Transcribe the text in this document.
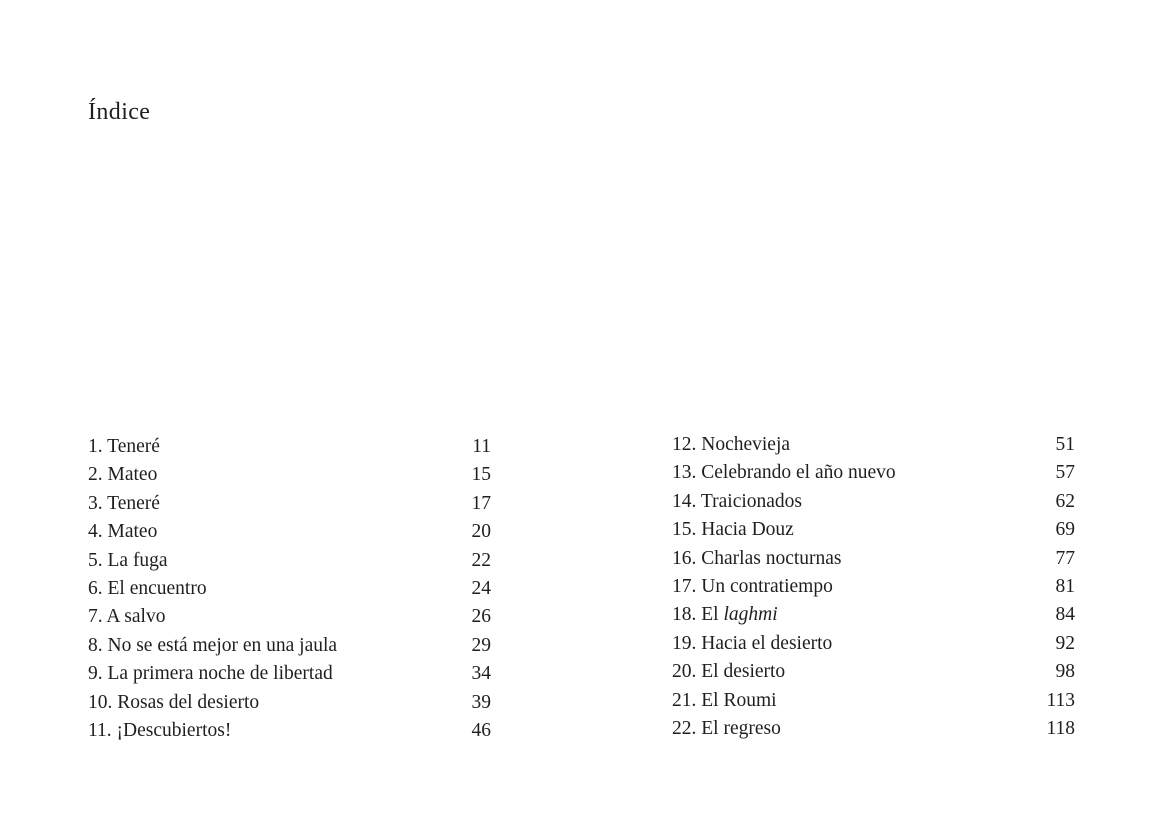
Índice
1. Teneré	11
2. Mateo	15
3. Teneré	17
4. Mateo	20
5. La fuga	22
6. El encuentro	24
7. A salvo	26
8. No se está mejor en una jaula	29
9. La primera noche de libertad	34
10. Rosas del desierto	39
11. ¡Descubiertos!	46
12. Nochevieja	51
13. Celebrando el año nuevo	57
14. Traicionados	62
15. Hacia Douz	69
16. Charlas nocturnas	77
17. Un contratiempo	81
18. El laghmi	84
19. Hacia el desierto	92
20. El desierto	98
21. El Roumi	113
22. El regreso	118
